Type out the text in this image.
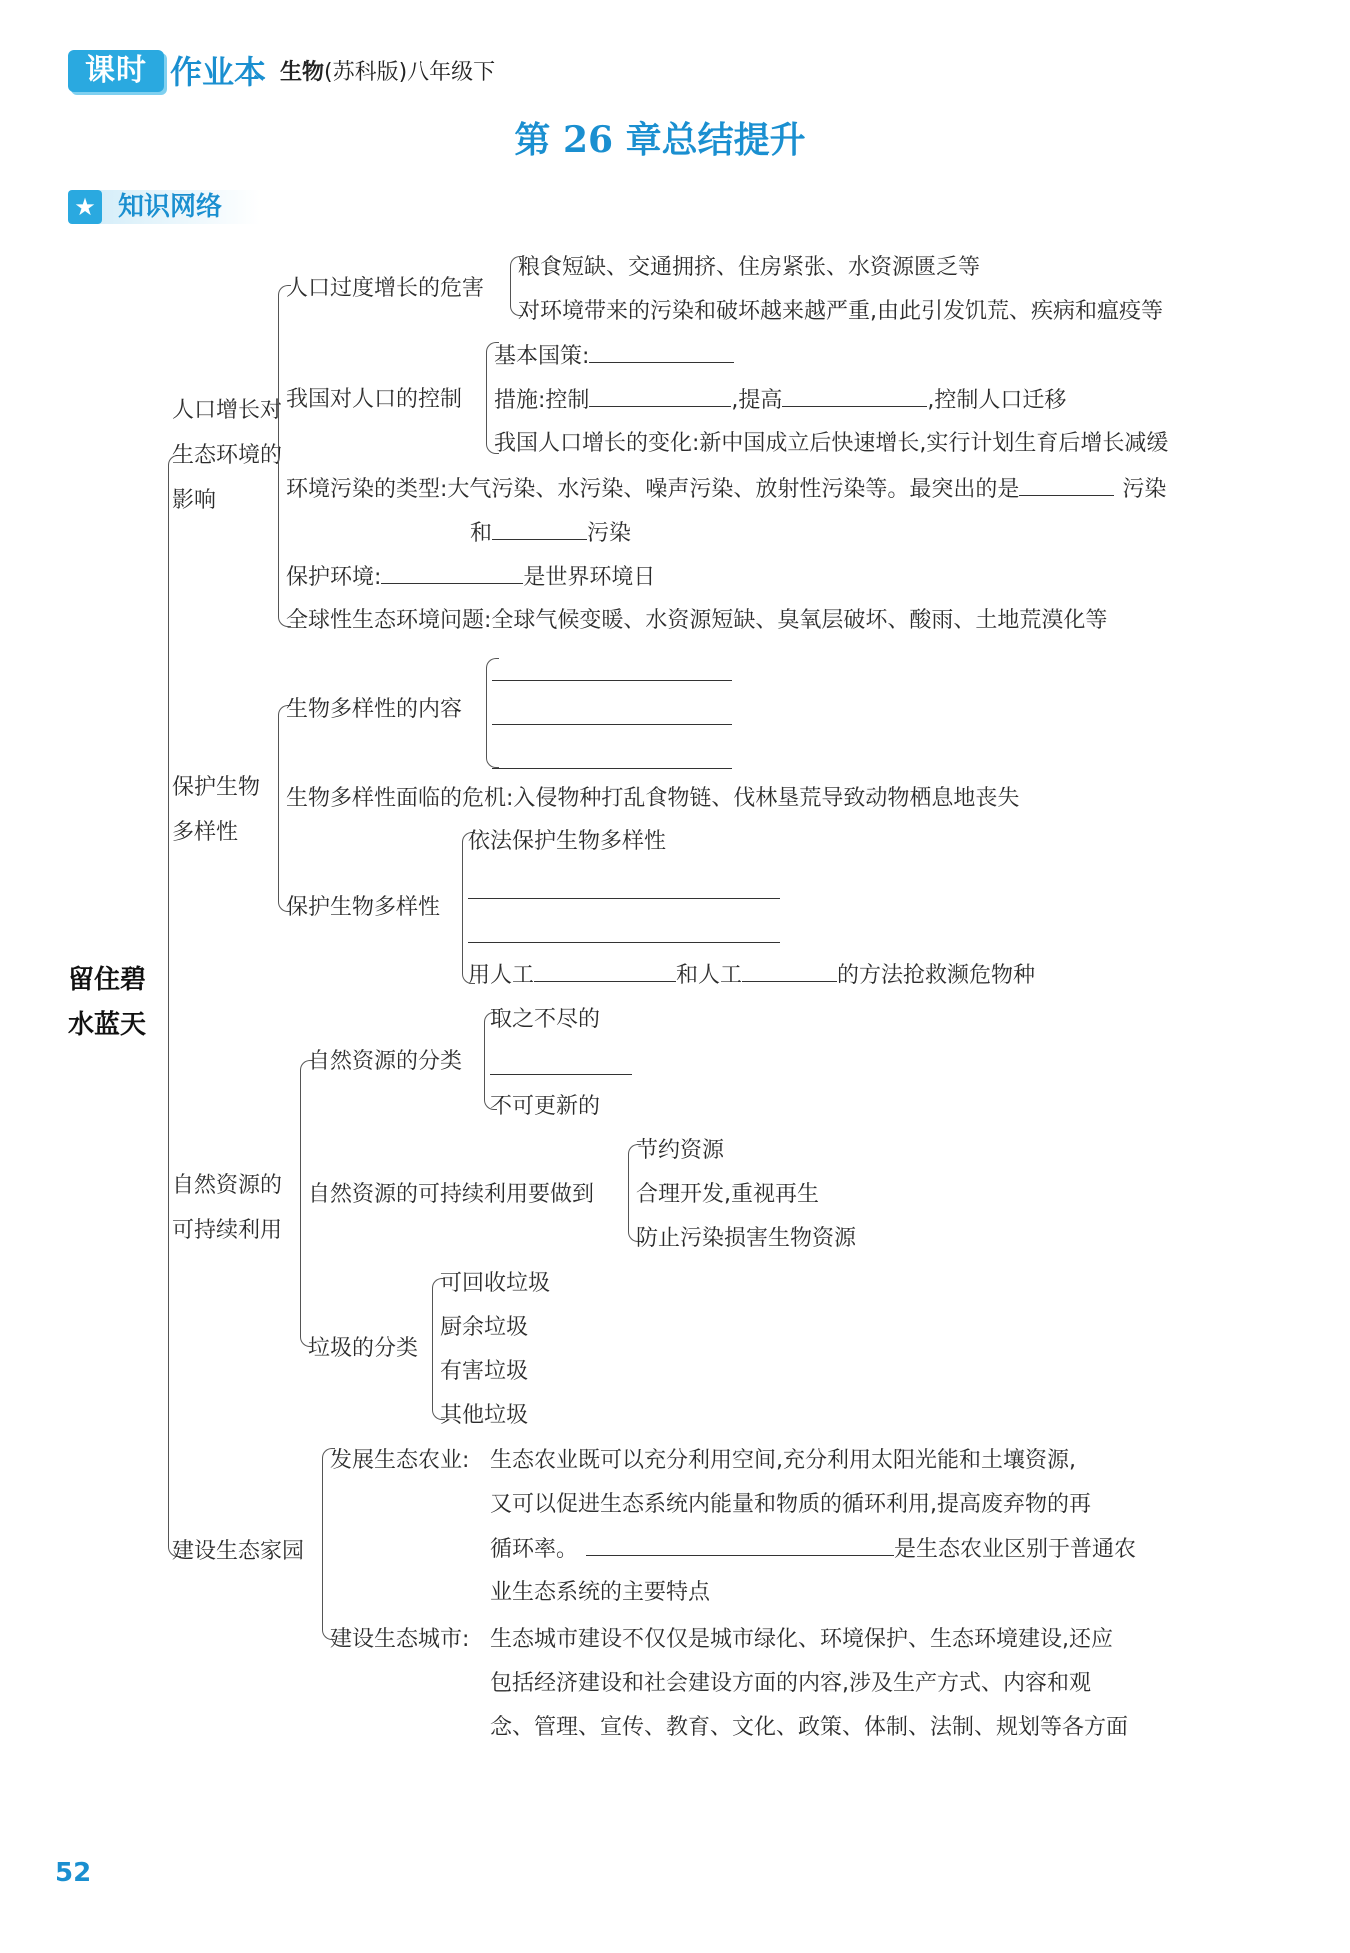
课时 作业本 生物(苏科版)八年级下
第 26 章总结提升
★ 知识网络
留住碧水蓝天
人口增长对生态环境的影响
人口过度增长的危害
粮食短缺、交通拥挤、住房紧张、水资源匮乏等
对环境带来的污染和破坏越来越严重,由此引发饥荒、疾病和瘟疫等
我国对人口的控制
基本国策:
措施:控制	,提高	,控制人口迁移
我国人口增长的变化:新中国成立后快速增长,实行计划生育后增长减缓
环境污染的类型:大气污染、水污染、噪声污染、放射性污染等。最突出的是	污染
和	污染
保护环境:	是世界环境日
全球性生态环境问题:全球气候变暖、水资源短缺、臭氧层破坏、酸雨、土地荒漠化等
保护生物多样性
生物多样性的内容
生物多样性面临的危机:入侵物种打乱食物链、伐林垦荒导致动物栖息地丧失
保护生物多样性
依法保护生物多样性
用人工	和人工	的方法抢救濒危物种
自然资源的可持续利用
自然资源的分类
取之不尽的
不可更新的
自然资源的可持续利用要做到
节约资源
合理开发,重视再生
防止污染损害生物资源
垃圾的分类
可回收垃圾
厨余垃圾
有害垃圾
其他垃圾
建设生态家园
发展生态农业: 生态农业既可以充分利用空间,充分利用太阳光能和土壤资源,
又可以促进生态系统内能量和物质的循环利用,提高废弃物的再
循环率。	是生态农业区别于普通农
业生态系统的主要特点
建设生态城市: 生态城市建设不仅仅是城市绿化、环境保护、生态环境建设,还应
包括经济建设和社会建设方面的内容,涉及生产方式、内容和观
念、管理、宣传、教育、文化、政策、体制、法制、规划等各方面
52
